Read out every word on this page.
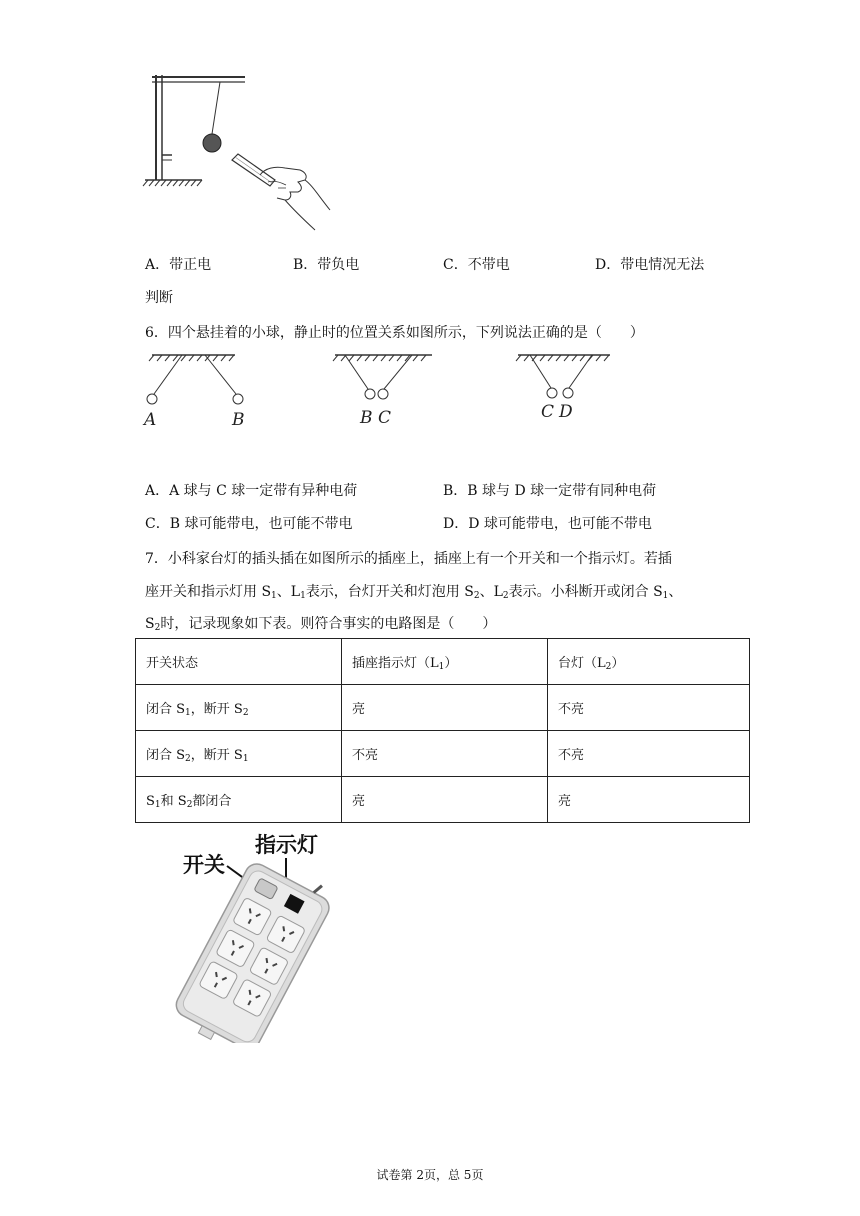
A．带正电	B．带负电	C．不带电	D．带电情况无法
判断
6．四个悬挂着的小球，静止时的位置关系如图所示，下列说法正确的是（　　）
A	B	B C	C D
A．A 球与 C 球一定带有异种电荷	B．B 球与 D 球一定带有同种电荷
C．B 球可能带电，也可能不带电	D．D 球可能带电，也可能不带电
7．小科家台灯的插头插在如图所示的插座上，插座上有一个开关和一个指示灯。若插
座开关和指示灯用 $S_1$、$L_1$表示，台灯开关和灯泡用 $S_2$、$L_2$表示。小科断开或闭合 $S_1$、
$S_2$时，记录现象如下表。则符合事实的电路图是（　　）
开关状态	插座指示灯$(L_1)$	台灯$(L_2)$
闭合 $S_1$，断开 $S_2$	亮	不亮
闭合 $S_2$，断开 $S_1$	不亮	不亮
$S_1$和 $S_2$都闭合	亮	亮
开关
指示灯
试卷第 2页，总 5页
